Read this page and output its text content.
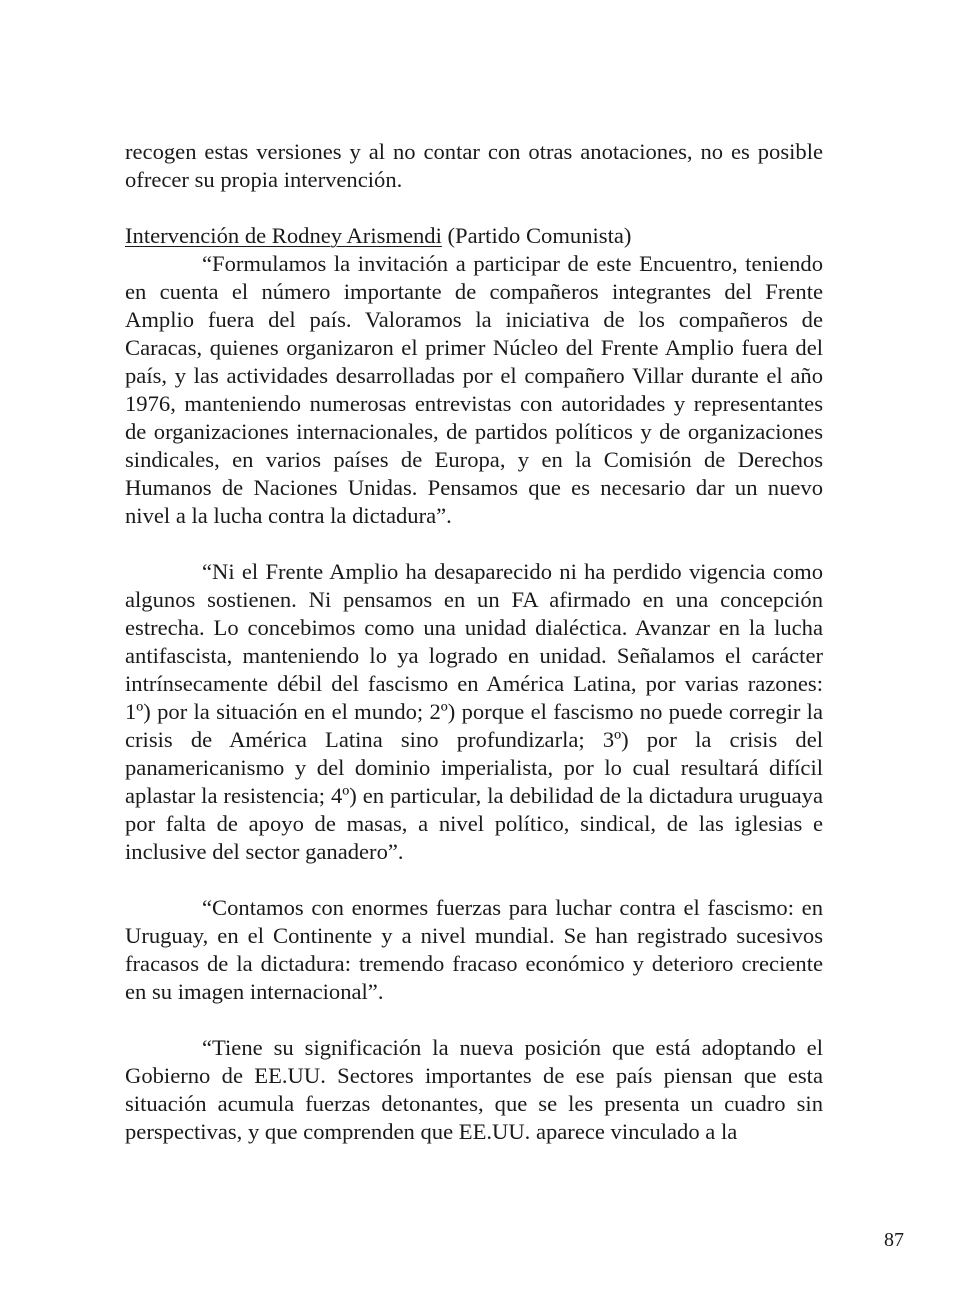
recogen estas versiones y al no contar con otras anotaciones, no es posible ofrecer su propia intervención.

Intervención de Rodney Arismendi (Partido Comunista)

“Formulamos la invitación a participar de este Encuentro, teniendo en cuenta el número importante de compañeros integrantes del Frente Amplio fuera del país. Valoramos la iniciativa de los compañeros de Caracas, quienes organizaron el primer Núcleo del Frente Amplio fuera del país, y las actividades desarrolladas por el compañero Villar durante el año 1976, manteniendo numerosas entrevistas con autoridades y representantes de organizaciones internacionales, de partidos políticos y de organizaciones sindicales, en varios países de Europa, y en la Comisión de Derechos Humanos de Naciones Unidas. Pensamos que es necesario dar un nuevo nivel a la lucha contra la dictadura”.

“Ni el Frente Amplio ha desaparecido ni ha perdido vigencia como algunos sostienen. Ni pensamos en un FA afirmado en una concepción estrecha. Lo concebimos como una unidad dialéctica. Avanzar en la lucha antifascista, manteniendo lo ya logrado en unidad. Señalamos el carácter intrínsecamente débil del fascismo en América Latina, por varias razones: 1º) por la situación en el mundo; 2º) porque el fascismo no puede corregir la crisis de América Latina sino profundizarla; 3º) por la crisis del panamericanismo y del dominio imperialista, por lo cual resultará difícil aplastar la resistencia; 4º) en particular, la debilidad de la dictadura uruguaya por falta de apoyo de masas, a nivel político, sindical, de las iglesias e inclusive del sector ganadero”.

“Contamos con enormes fuerzas para luchar contra el fascismo: en Uruguay, en el Continente y a nivel mundial. Se han registrado sucesivos fracasos de la dictadura: tremendo fracaso económico y deterioro creciente en su imagen internacional”.

“Tiene su significación la nueva posición que está adoptando el Gobierno de EE.UU. Sectores importantes de ese país piensan que esta situación acumula fuerzas detonantes, que se les presenta un cuadro sin perspectivas, y que comprenden que EE.UU. aparece vinculado a la

87
